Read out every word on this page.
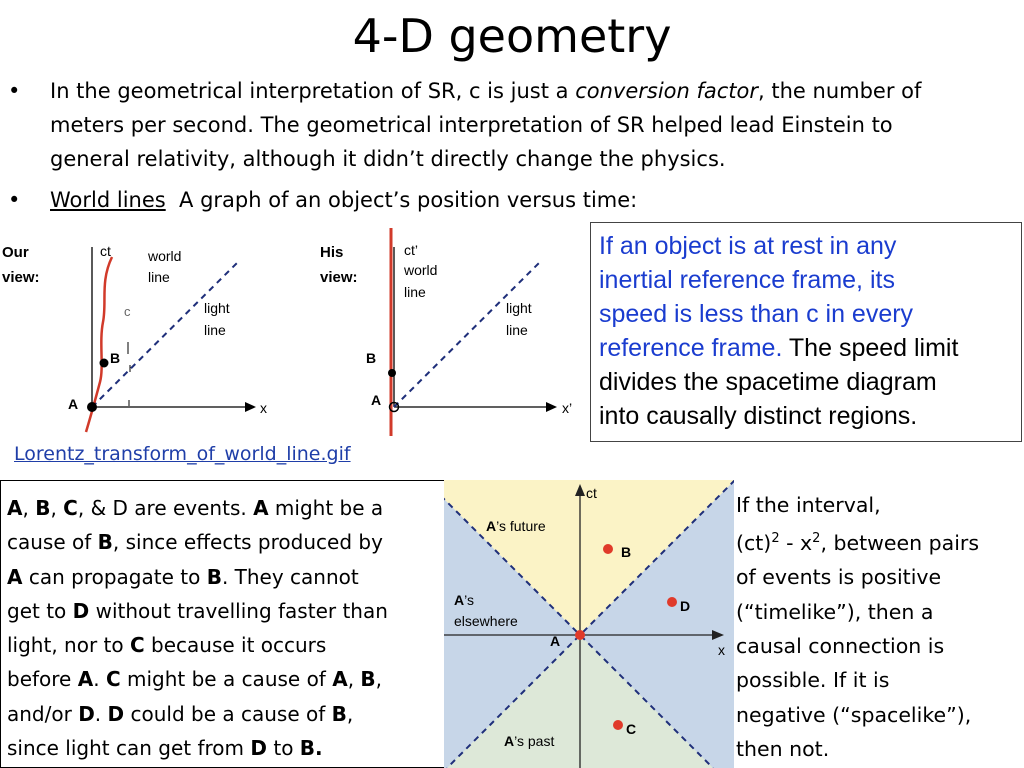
4-D geometry
•	In the geometrical interpretation of SR, c is just a conversion factor, the number of
meters per second. The geometrical interpretation of SR helped lead Einstein to
general relativity, although it didn’t directly change the physics.
•	World lines  A graph of an object’s position versus time:
Our
view:
ct
x
A
B
c
world
line
light
line
His
view:
ct’
x’
A
B
world
line
light
line
Lorentz_transform_of_world_line.gif
If an object is at rest in any
inertial reference frame, its
speed is less than c in every
reference frame. The speed limit
divides the spacetime diagram
into causally distinct regions.
A, B, C, & D are events. A might be a
cause of B, since effects produced by
A can propagate to B. They cannot
get to D without travelling faster than
light, nor to C because it occurs
before A. C might be a cause of A, B,
and/or D. D could be a cause of B,
since light can get from D to B.
ct
x
A’s future
A’s
elsewhere
A’s past
B
D
C
A
If the interval,
$(ct)^2 - x^2$, between pairs
of events is positive
(“timelike”), then a
causal connection is
possible. If it is
negative (“spacelike”),
then not.
